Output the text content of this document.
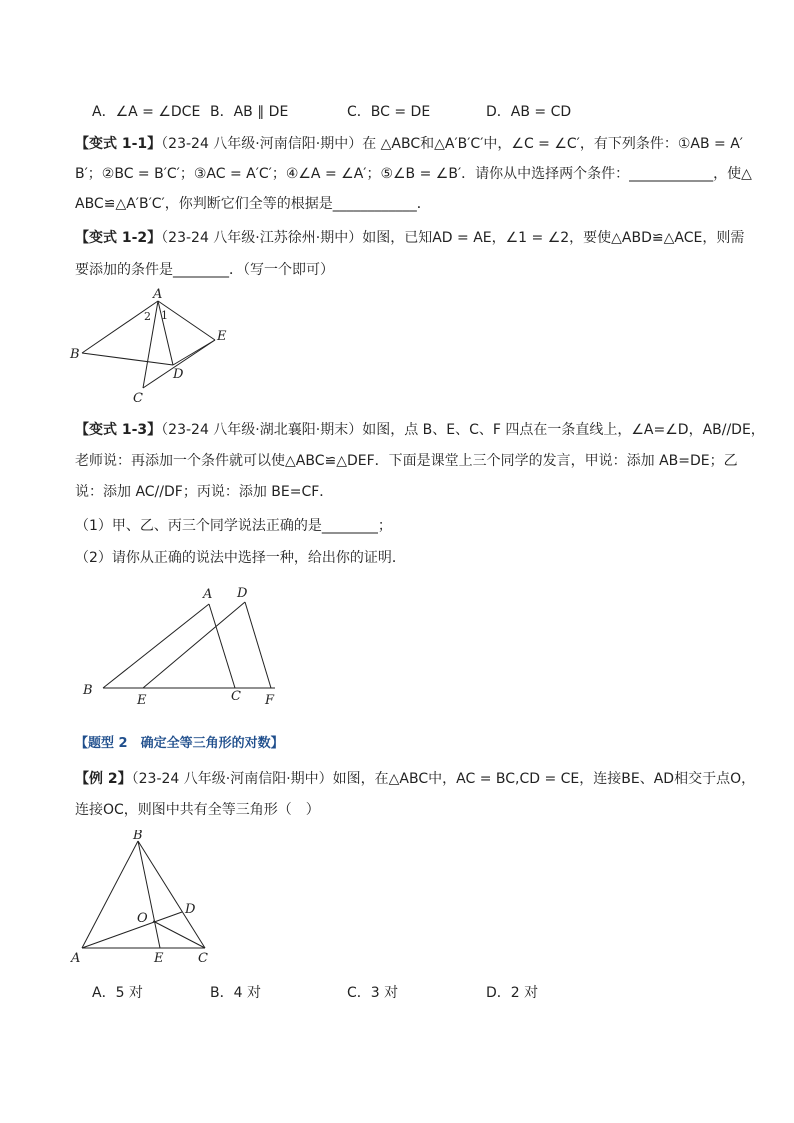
A．∠A = ∠DCE B．AB ∥ DE	C．BC = DE	D．AB = CD
【变式 1-1】（23-24 八年级·河南信阳·期中）在 △ABC和△A′B′C′中，∠C = ∠C′，有下列条件：①AB = A′
B′；②BC = B′C′；③AC = A′C′；④∠A = ∠A′；⑤∠B = ∠B′．请你从中选择两个条件：____________，使△
ABC≌△A′B′C′，你判断它们全等的根据是____________．
【变式 1-2】（23-24 八年级·江苏徐州·期中）如图，已知AD = AE，∠1 = ∠2，要使△ABD≌△ACE，则需
要添加的条件是________．（写一个即可）
A
B
E
D
C
2 1
【变式 1-3】（23-24 八年级·湖北襄阳·期末）如图，点 B、E、C、F 四点在一条直线上，∠A=∠D，AB//DE，
老师说：再添加一个条件就可以使△ABC≌△DEF．下面是课堂上三个同学的发言，甲说：添加 AB=DE；乙
说：添加 AC//DF；丙说：添加 BE=CF．
（1）甲、乙、丙三个同学说法正确的是________；
（2）请你从正确的说法中选择一种，给出你的证明．
A D
B
E	C F
【题型 2　确定全等三角形的对数】
【例 2】（23-24 八年级·河南信阳·期中）如图，在△ABC中，AC = BC,CD = CE，连接BE、AD相交于点O，
连接OC，则图中共有全等三角形（　）
B
D
O
A	E	C
A．5 对	B．4 对	C．3 对	D．2 对
